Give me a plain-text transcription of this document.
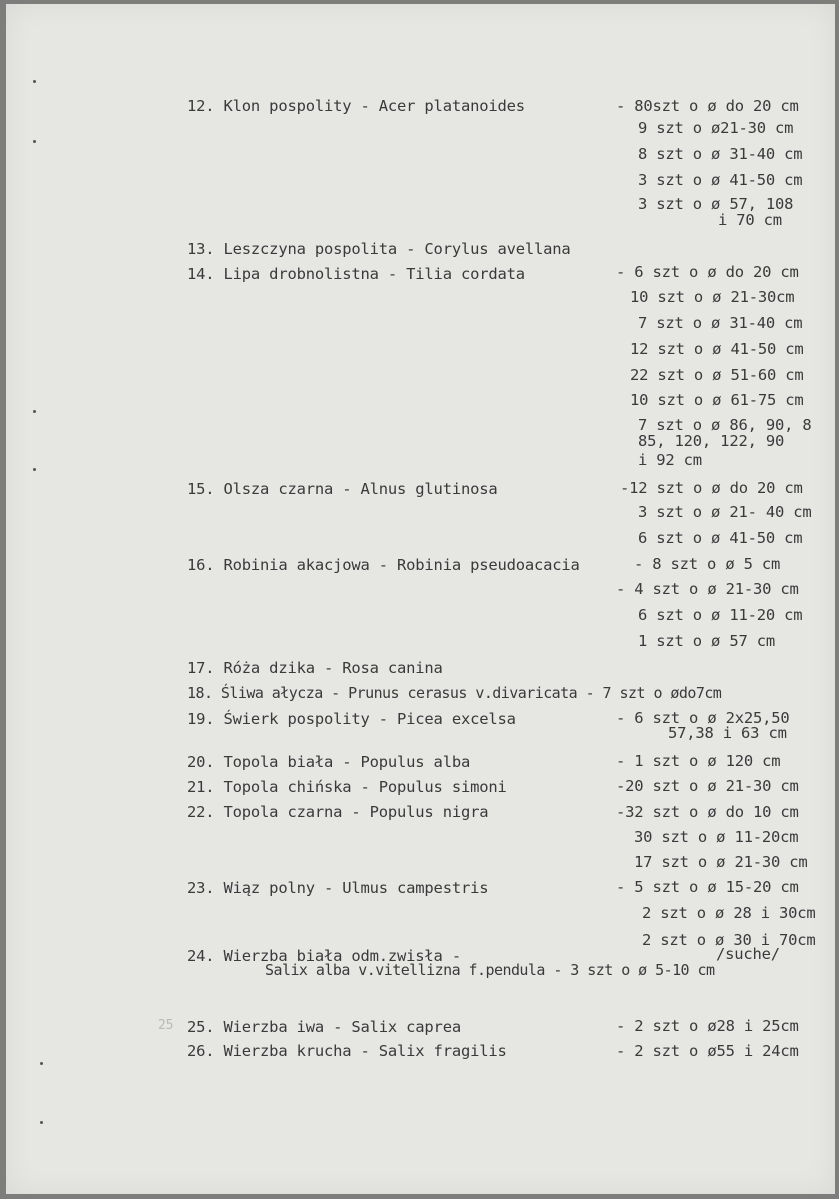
12. Klon pospolity - Acer platanoides
13. Leszczyna pospolita - Corylus avellana
14. Lipa drobnolistna - Tilia cordata
15. Olsza czarna - Alnus glutinosa
16. Robinia akacjowa - Robinia pseudoacacia
17. Róża dzika - Rosa canina
18. Śliwa ałycza - Prunus cerasus v.divaricata - 7 szt o ødo7cm
19. Świerk pospolity - Picea excelsa
20. Topola biała - Populus alba
21. Topola chińska - Populus simoni
22. Topola czarna - Populus nigra
23. Wiąz polny - Ulmus campestris
24. Wierzba biała odm.zwisła -
Salix alba v.vitellizna f.pendula - 3 szt o ø 5-10 cm
25. Wierzba iwa - Salix caprea
26. Wierzba krucha - Salix fragilis
- 80szt o ø do 20 cm
9 szt o ø21-30 cm
8 szt o ø 31-40 cm
3 szt o ø 41-50 cm
3 szt o ø 57, 108
i 70 cm
- 6 szt o ø do 20 cm
10 szt o ø 21-30cm
7 szt o ø 31-40 cm
12 szt o ø 41-50 cm
22 szt o ø 51-60 cm
10 szt o ø 61-75 cm
7 szt o ø 86, 90, 8
85, 120, 122, 90
i 92 cm
-12 szt o ø do 20 cm
3 szt o ø 21- 40 cm
6 szt o ø 41-50 cm
- 8 szt o ø 5 cm
- 4 szt o ø 21-30 cm
6 szt o ø 11-20 cm
1 szt o ø 57 cm
- 6 szt o ø 2x25,50
57,38 i 63 cm
- 1 szt o ø 120 cm
-20 szt o ø 21-30 cm
-32 szt o ø do 10 cm
30 szt o ø 11-20cm
17 szt o ø 21-30 cm
- 5 szt o ø 15-20 cm
2 szt o ø 28 i 30cm
2 szt o ø 30 i 70cm
/suche/
- 2 szt o ø28 i 25cm
- 2 szt o ø55 i 24cm
25
